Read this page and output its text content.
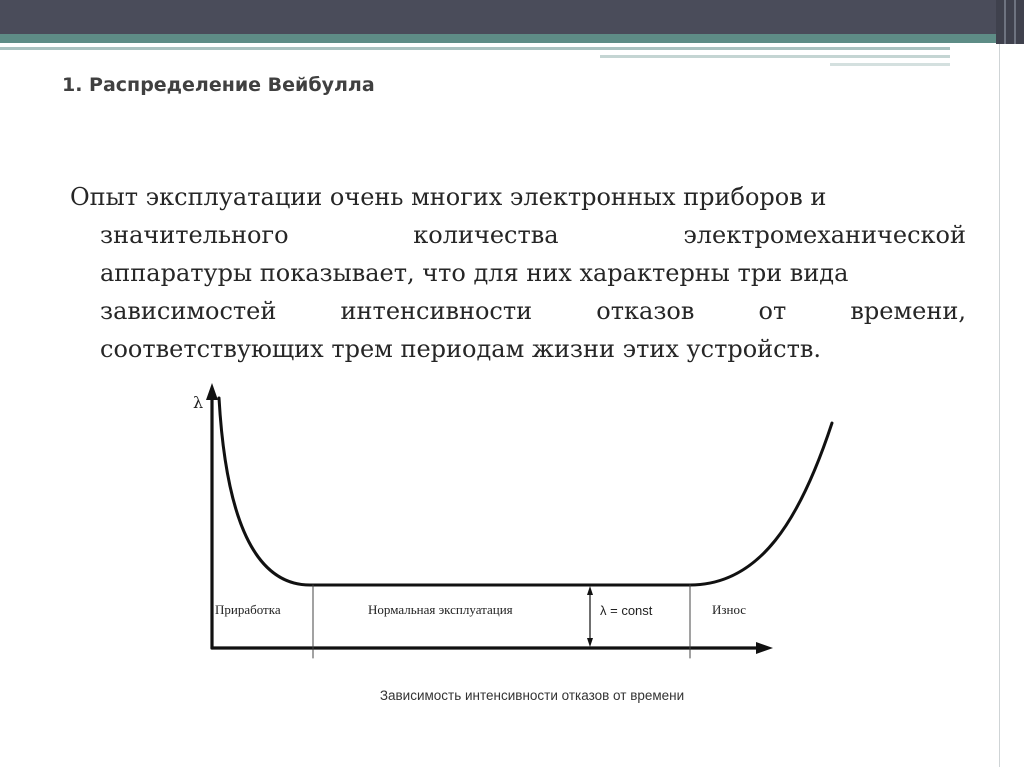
1. Распределение Вейбулла
Опыт эксплуатации очень многих электронных приборов и
значительного	количества	электромеханической
аппаратуры показывает, что для них характерны три вида
зависимостей	интенсивности	отказов	от	времени,
соответствующих трем периодам жизни этих устройств.
λ
Приработка	Нормальная эксплуатация	λ = const	Износ
Зависимость интенсивности отказов от времени
